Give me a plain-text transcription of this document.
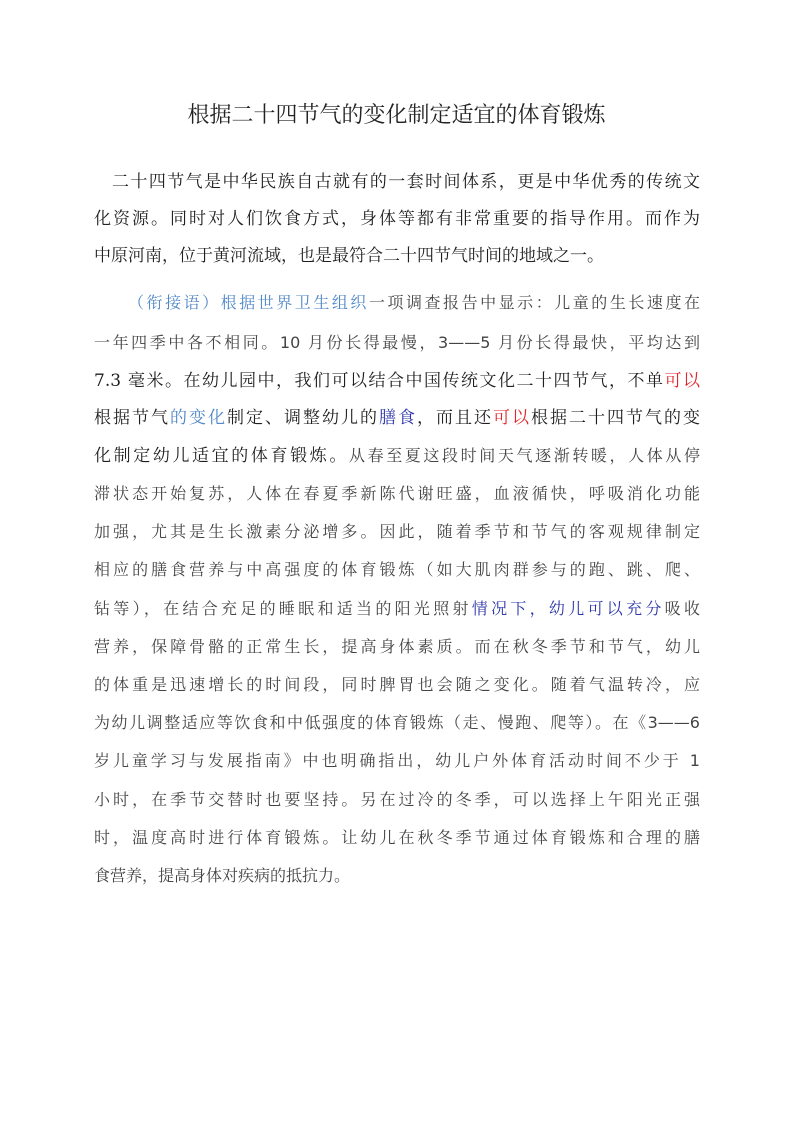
根据二十四节气的变化制定适宜的体育锻炼
二十四节气是中华民族自古就有的一套时间体系，更是中华优秀的传统文
化资源。同时对人们饮食方式，身体等都有非常重要的指导作用。而作为
中原河南，位于黄河流域，也是最符合二十四节气时间的地域之一。
（衔接语）根据世界卫生组织一项调查报告中显示：儿童的生长速度在
一年四季中各不相同。10 月份长得最慢，3——5 月份长得最快，平均达到
7.3 毫米。在幼儿园中，我们可以结合中国传统文化二十四节气，不单可以
根据节气的变化制定、调整幼儿的膳食，而且还可以根据二十四节气的变
化制定幼儿适宜的体育锻炼。从春至夏这段时间天气逐渐转暖，人体从停
滞状态开始复苏，人体在春夏季新陈代谢旺盛，血液循快，呼吸消化功能
加强，尤其是生长激素分泌增多。因此，随着季节和节气的客观规律制定
相应的膳食营养与中高强度的体育锻炼（如大肌肉群参与的跑、跳、爬、
钻等），在结合充足的睡眠和适当的阳光照射情况下，幼儿可以充分吸收
营养，保障骨骼的正常生长，提高身体素质。而在秋冬季节和节气，幼儿
的体重是迅速增长的时间段，同时脾胃也会随之变化。随着气温转冷，应
为幼儿调整适应等饮食和中低强度的体育锻炼（走、慢跑、爬等）。在《3——6
岁儿童学习与发展指南》中也明确指出，幼儿户外体育活动时间不少于 1
小时，在季节交替时也要坚持。另在过冷的冬季，可以选择上午阳光正强
时，温度高时进行体育锻炼。让幼儿在秋冬季节通过体育锻炼和合理的膳
食营养，提高身体对疾病的抵抗力。
